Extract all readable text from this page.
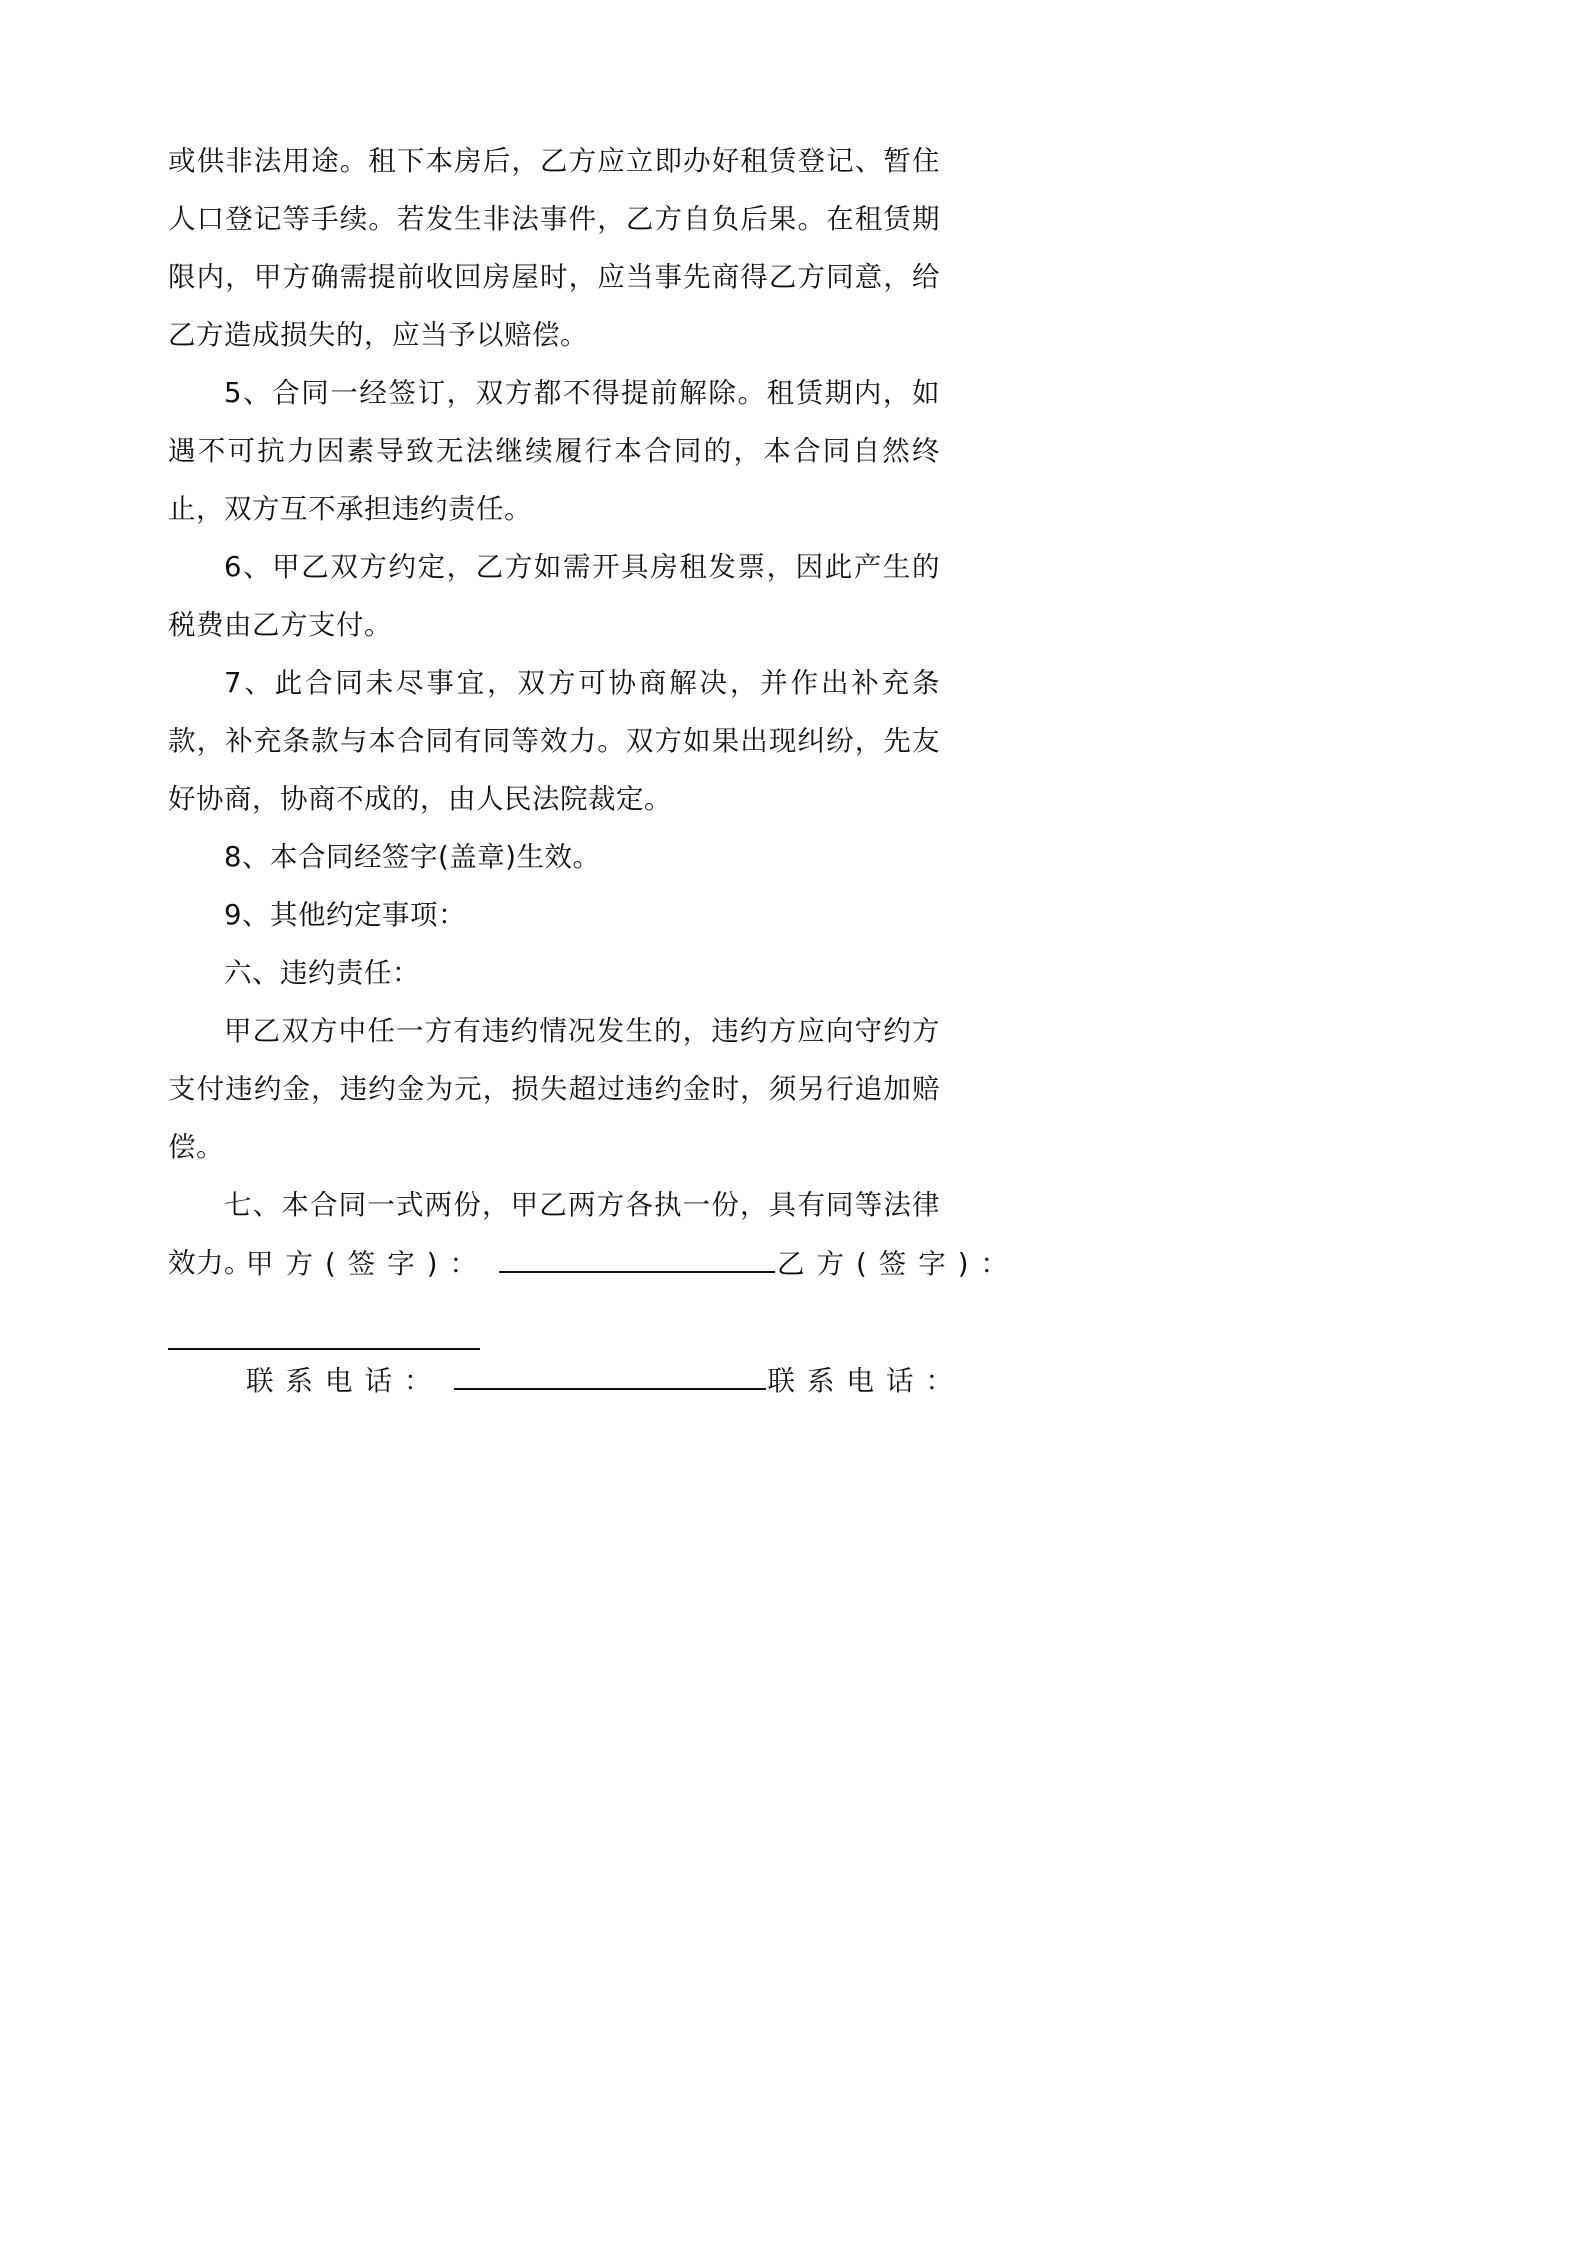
或供非法用途。租下本房后，乙方应立即办好租赁登记、暂住人口登记等手续。若发生非法事件，乙方自负后果。在租赁期限内，甲方确需提前收回房屋时，应当事先商得乙方同意，给乙方造成损失的，应当予以赔偿。

5、合同一经签订，双方都不得提前解除。租赁期内，如遇不可抗力因素导致无法继续履行本合同的，本合同自然终止，双方互不承担违约责任。

6、甲乙双方约定，乙方如需开具房租发票，因此产生的税费由乙方支付。

7、此合同未尽事宜，双方可协商解决，并作出补充条款，补充条款与本合同有同等效力。双方如果出现纠纷，先友好协商，协商不成的，由人民法院裁定。

8、本合同经签字(盖章)生效。

9、其他约定事项：

六、违约责任：

甲乙双方中任一方有违约情况发生的，违约方应向守约方支付违约金，违约金为元，损失超过违约金时，须另行追加赔偿。

七、本合同一式两份，甲乙两方各执一份，具有同等法律效力。

甲方(签字)：	乙方(签字)：
联系电话：	联系电话：
